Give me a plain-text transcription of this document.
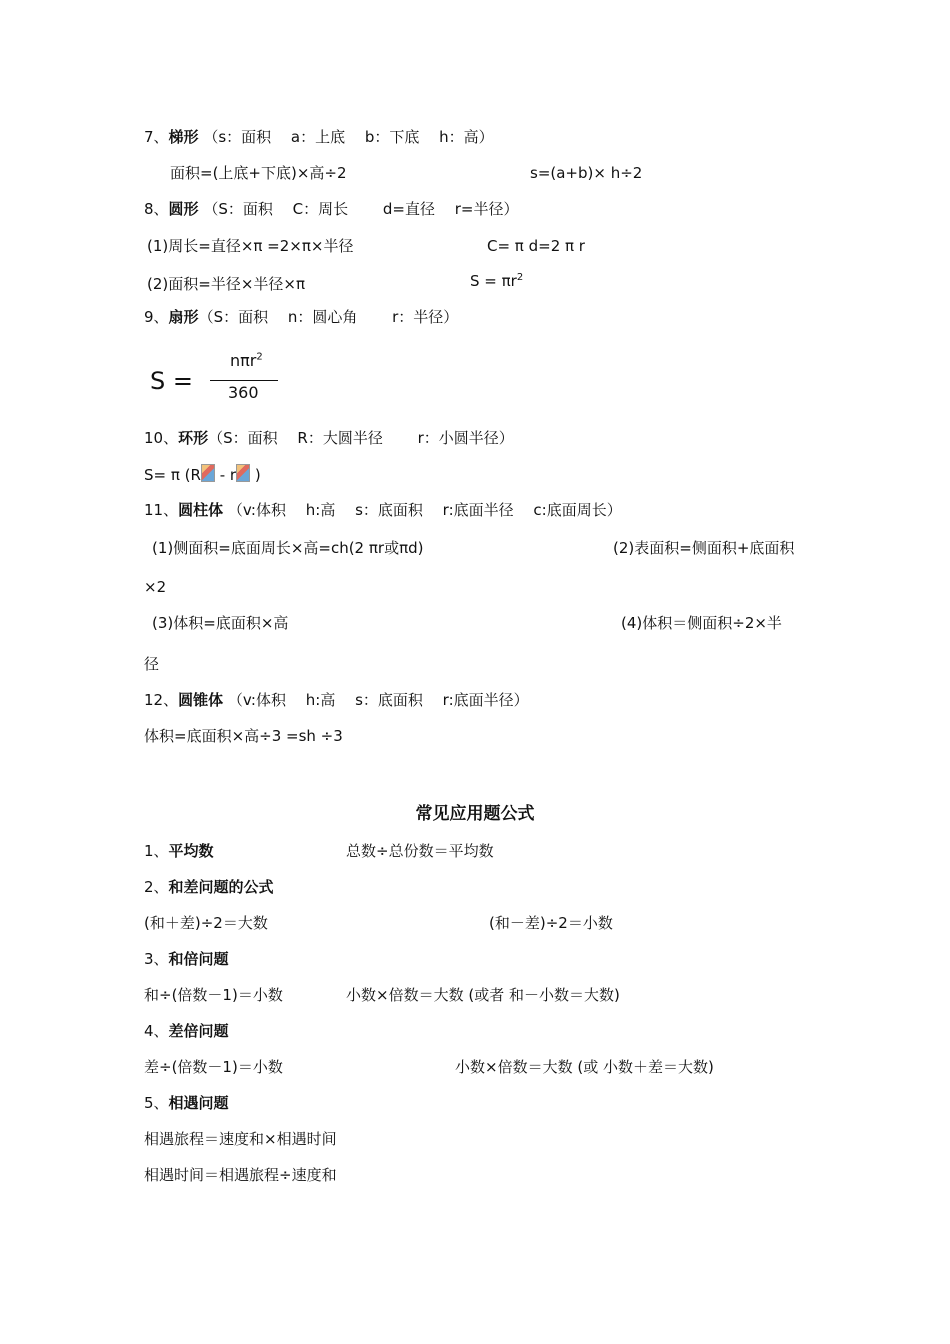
7、梯形 （s：面积　 a：上底　 b：下底　 h：高）
面积=(上底+下底)×高÷2	s=(a+b)× h÷2
8、圆形 （S：面积　 C：周长　　 d=直径　 r=半径）
(1)周长=直径×π =2×π×半径	C= π d=2 π r
(2)面积=半径×半径×π	$S = \pi r^2$
9、扇形（S：面积　 n：圆心角　　 r：半径）
S =
nπr$^2$
360
10、环形（S：面积　 R：大圆半径　　 r：小圆半径）
S= π (R - r )
11、圆柱体 （v:体积　 h:高　 s：底面积　 r:底面半径　 c:底面周长）
(1)侧面积=底面周长×高=ch(2 πr或πd)	(2)表面积=侧面积+底面积
×2
(3)体积=底面积×高	(4)体积＝侧面积÷2×半
径
12、圆锥体 （v:体积　 h:高　 s：底面积　 r:底面半径）
体积=底面积×高÷3 =sh ÷3
常见应用题公式
1、平均数	总数÷总份数＝平均数
2、和差问题的公式
(和＋差)÷2＝大数	(和－差)÷2＝小数
3、和倍问题
和÷(倍数－1)＝小数	小数×倍数＝大数 (或者 和－小数＝大数)
4、差倍问题
差÷(倍数－1)＝小数	小数×倍数＝大数 (或 小数＋差＝大数)
5、相遇问题
相遇旅程＝速度和×相遇时间
相遇时间＝相遇旅程÷速度和
